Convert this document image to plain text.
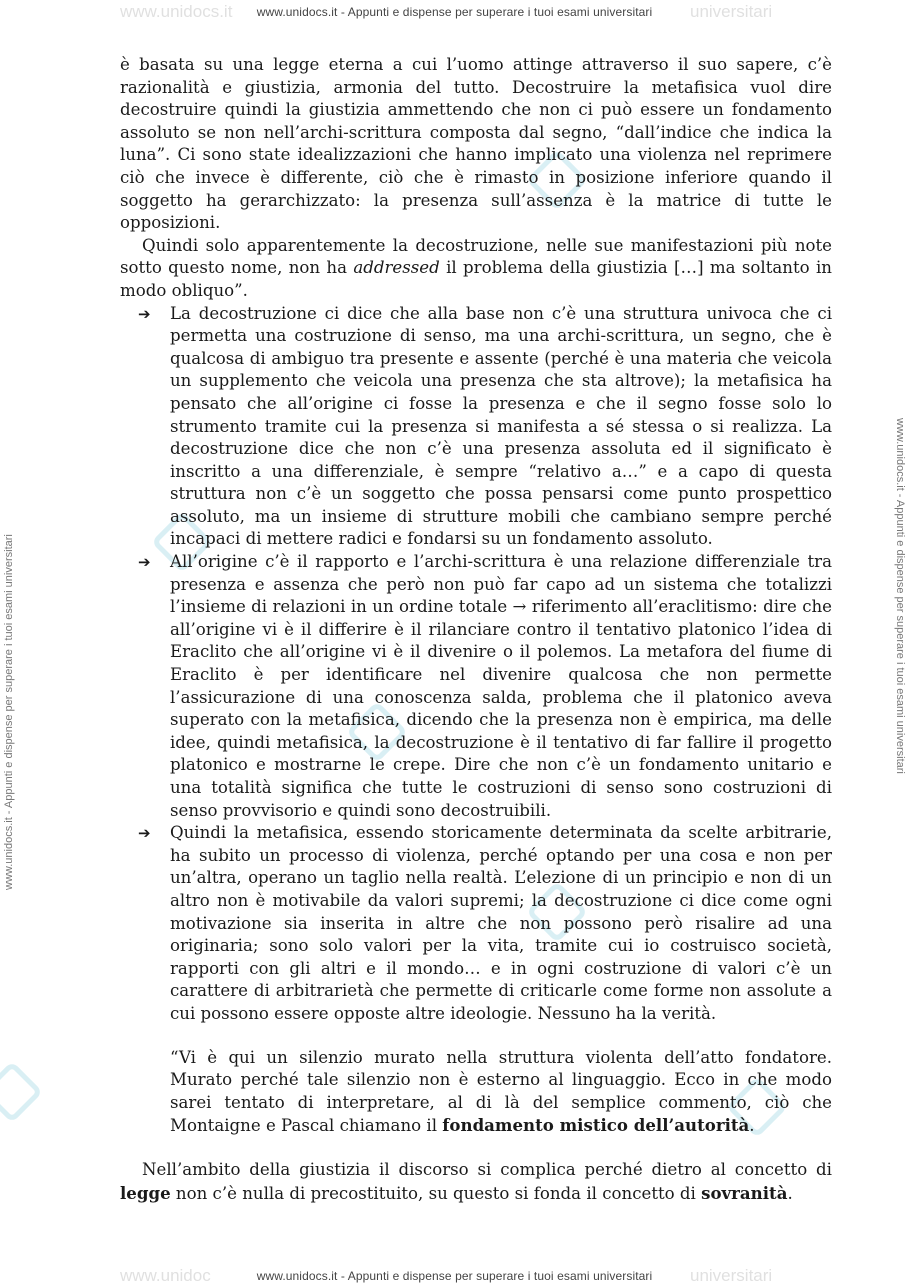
www.unidocs.it	universitari
www.unidoc	universitari
www.unidocs.it - Appunti e dispense per superare i tuoi esami universitari
www.unidocs.it - Appunti e dispense per superare i tuoi esami universitari
www.unidocs.it - Appunti e dispense per superare i tuoi esami universitari	www.unidocs.it - Appunti e dispense per superare i tuoi esami universitari

è basata su una legge eterna a cui l’uomo attinge attraverso il suo sapere, c’è razionalità e giustizia, armonia del tutto. Decostruire la metafisica vuol dire decostruire quindi la giustizia ammettendo che non ci può essere un fondamento assoluto se non nell’archi-scrittura composta dal segno, “dall’indice che indica la luna”. Ci sono state idealizzazioni che hanno implicato una violenza nel reprimere ciò che invece è differente, ciò che è rimasto in posizione inferiore quando il soggetto ha gerarchizzato: la presenza sull’assenza è la matrice di tutte le opposizioni.

Quindi solo apparentemente la decostruzione, nelle sue manifestazioni più note sotto questo nome, non ha addressed il problema della giustizia […] ma soltanto in modo obliquo”.

➔ La decostruzione ci dice che alla base non c’è una struttura univoca che ci permetta una costruzione di senso, ma una archi-scrittura, un segno, che è qualcosa di ambiguo tra presente e assente (perché è una materia che veicola un supplemento che veicola una presenza che sta altrove); la metafisica ha pensato che all’origine ci fosse la presenza e che il segno fosse solo lo strumento tramite cui la presenza si manifesta a sé stessa o si realizza. La decostruzione dice che non c’è una presenza assoluta ed il significato è inscritto a una differenziale, è sempre “relativo a…” e a capo di questa struttura non c’è un soggetto che possa pensarsi come punto prospettico assoluto, ma un insieme di strutture mobili che cambiano sempre perché incapaci di mettere radici e fondarsi su un fondamento assoluto.
➔ All’origine c’è il rapporto e l’archi-scrittura è una relazione differenziale tra presenza e assenza che però non può far capo ad un sistema che totalizzi l’insieme di relazioni in un ordine totale → riferimento all’eraclitismo: dire che all’origine vi è il differire è il rilanciare contro il tentativo platonico l’idea di Eraclito che all’origine vi è il divenire o il polemos. La metafora del fiume di Eraclito è per identificare nel divenire qualcosa che non permette l’assicurazione di una conoscenza salda, problema che il platonico aveva superato con la metafisica, dicendo che la presenza non è empirica, ma delle idee, quindi metafisica, la decostruzione è il tentativo di far fallire il progetto platonico e mostrarne le crepe. Dire che non c’è un fondamento unitario e una totalità significa che tutte le costruzioni di senso sono costruzioni di senso provvisorio e quindi sono decostruibili.
➔ Quindi la metafisica, essendo storicamente determinata da scelte arbitrarie, ha subito un processo di violenza, perché optando per una cosa e non per un’altra, operano un taglio nella realtà. L’elezione di un principio e non di un altro non è motivabile da valori supremi; la decostruzione ci dice come ogni motivazione sia inserita in altre che non possono però risalire ad una originaria; sono solo valori per la vita, tramite cui io costruisco società, rapporti con gli altri e il mondo… e in ogni costruzione di valori c’è un carattere di arbitrarietà che permette di criticarle come forme non assolute a cui possono essere opposte altre ideologie. Nessuno ha la verità.

“Vi è qui un silenzio murato nella struttura violenta dell’atto fondatore. Murato perché tale silenzio non è esterno al linguaggio. Ecco in che modo sarei tentato di interpretare, al di là del semplice commento, ciò che Montaigne e Pascal chiamano il fondamento mistico dell’autorità.

Nell’ambito della giustizia il discorso si complica perché dietro al concetto di legge non c’è nulla di precostituito, su questo si fonda il concetto di sovranità.
